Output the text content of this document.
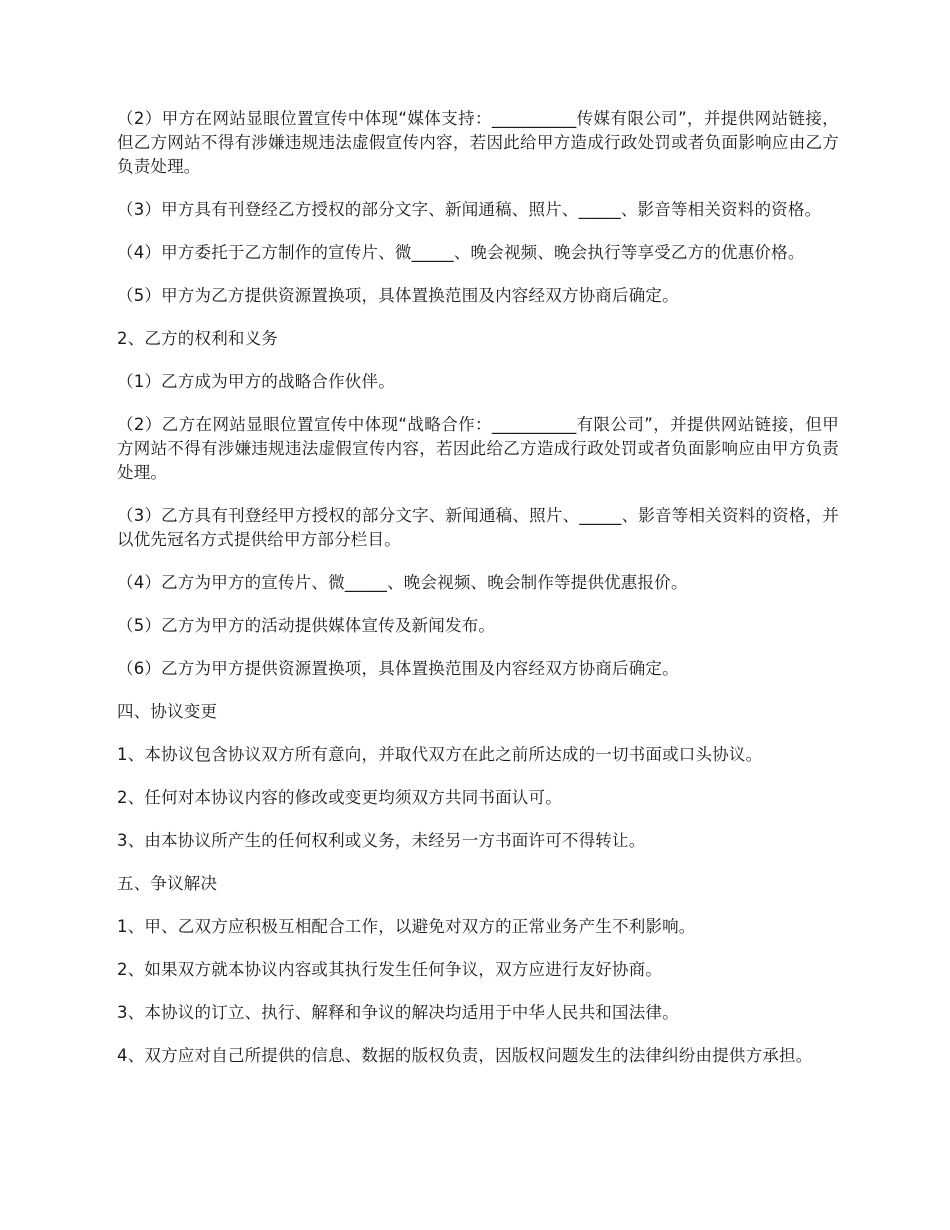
（2）甲方在网站显眼位置宣传中体现“媒体支持：__________传媒有限公司”，并提供网站链接，但乙方网站不得有涉嫌违规违法虚假宣传内容，若因此给甲方造成行政处罚或者负面影响应由乙方负责处理。

（3）甲方具有刊登经乙方授权的部分文字、新闻通稿、照片、_____、影音等相关资料的资格。

（4）甲方委托于乙方制作的宣传片、微_____、晚会视频、晚会执行等享受乙方的优惠价格。

（5）甲方为乙方提供资源置换项，具体置换范围及内容经双方协商后确定。

2、乙方的权利和义务

（1）乙方成为甲方的战略合作伙伴。

（2）乙方在网站显眼位置宣传中体现“战略合作：__________有限公司”，并提供网站链接，但甲方网站不得有涉嫌违规违法虚假宣传内容，若因此给乙方造成行政处罚或者负面影响应由甲方负责处理。

（3）乙方具有刊登经甲方授权的部分文字、新闻通稿、照片、_____、影音等相关资料的资格，并以优先冠名方式提供给甲方部分栏目。

（4）乙方为甲方的宣传片、微_____、晚会视频、晚会制作等提供优惠报价。

（5）乙方为甲方的活动提供媒体宣传及新闻发布。

（6）乙方为甲方提供资源置换项，具体置换范围及内容经双方协商后确定。

四、协议变更

1、本协议包含协议双方所有意向，并取代双方在此之前所达成的一切书面或口头协议。

2、任何对本协议内容的修改或变更均须双方共同书面认可。

3、由本协议所产生的任何权利或义务，未经另一方书面许可不得转让。

五、争议解决

1、甲、乙双方应积极互相配合工作，以避免对双方的正常业务产生不利影响。

2、如果双方就本协议内容或其执行发生任何争议，双方应进行友好协商。

3、本协议的订立、执行、解释和争议的解决均适用于中华人民共和国法律。

4、双方应对自己所提供的信息、数据的版权负责，因版权问题发生的法律纠纷由提供方承担。
